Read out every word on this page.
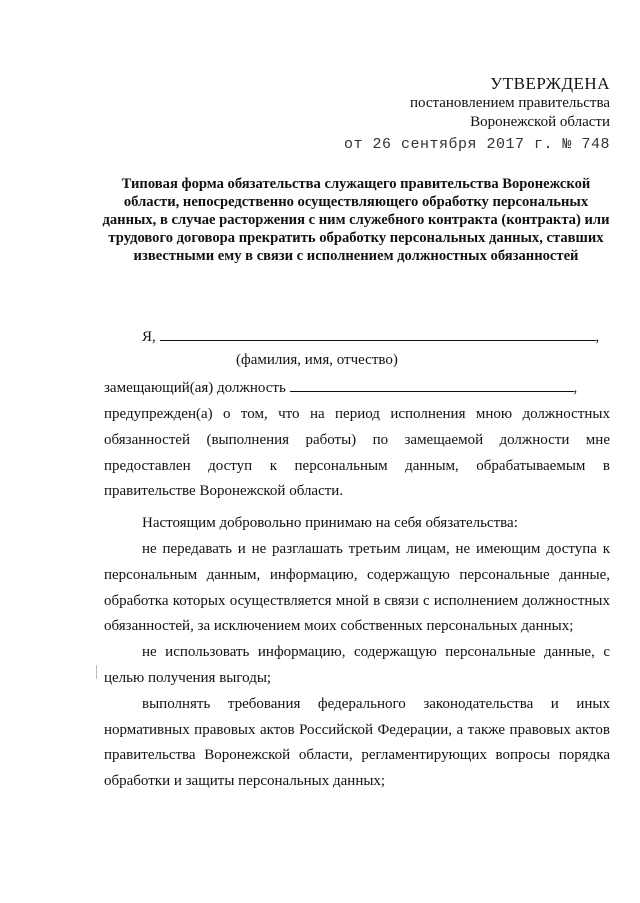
УТВЕРЖДЕНА
постановлением правительства
Воронежской области
от 26 сентября 2017 г. № 748
Типовая форма обязательства служащего правительства Воронежской области, непосредственно осуществляющего обработку персональных данных, в случае расторжения с ним служебного контракта (контракта) или трудового договора прекратить обработку персональных данных, ставших известными ему в связи с исполнением должностных обязанностей
Я,	,
(фамилия, имя, отчество)
замещающий(ая) должность	,

предупрежден(а) о том, что на период исполнения мною должностных обязанностей (выполнения работы) по замещаемой должности мне предоставлен доступ к персональным данным, обрабатываемым в правительстве Воронежской области.

Настоящим добровольно принимаю на себя обязательства:

не передавать и не разглашать третьим лицам, не имеющим доступа к персональным данным, информацию, содержащую персональные данные, обработка которых осуществляется мной в связи с исполнением должностных обязанностей, за исключением моих собственных персональных данных;

не использовать информацию, содержащую персональные данные, с целью получения выгоды;

выполнять требования федерального законодательства и иных нормативных правовых актов Российской Федерации, а также правовых актов правительства Воронежской области, регламентирующих вопросы порядка обработки и защиты персональных данных;
